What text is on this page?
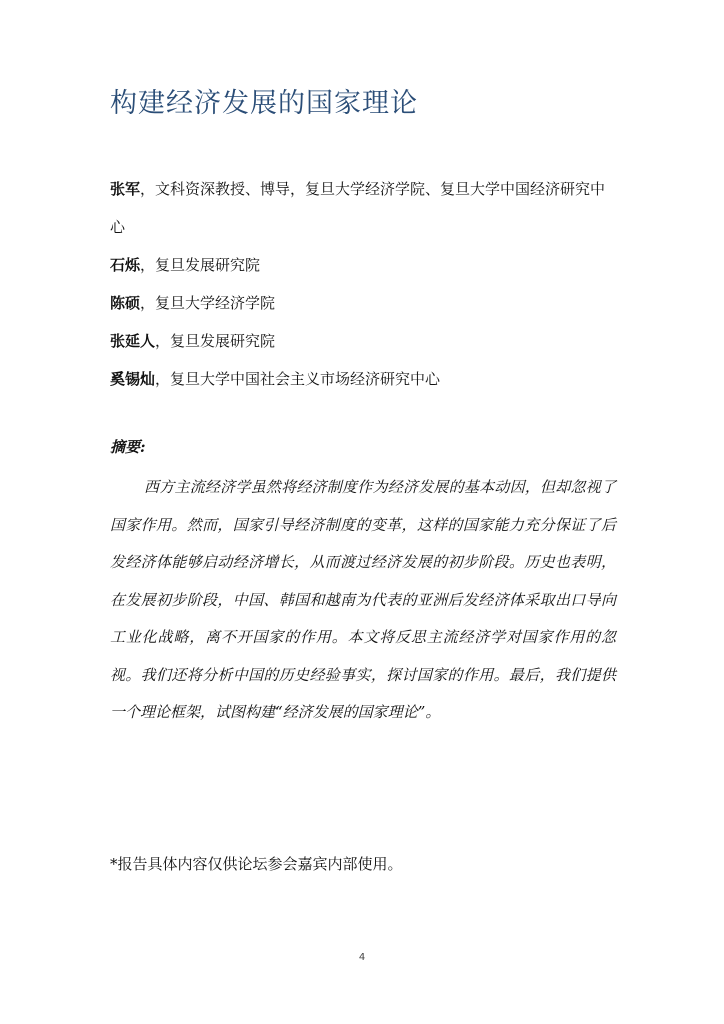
构建经济发展的国家理论

张军，文科资深教授、博导，复旦大学经济学院、复旦大学中国经济研究中心

石烁，复旦发展研究院

陈硕，复旦大学经济学院

张延人，复旦发展研究院

奚锡灿，复旦大学中国社会主义市场经济研究中心

摘要:

西方主流经济学虽然将经济制度作为经济发展的基本动因，但却忽视了国家作用。然而，国家引导经济制度的变革，这样的国家能力充分保证了后发经济体能够启动经济增长，从而渡过经济发展的初步阶段。历史也表明，在发展初步阶段，中国、韩国和越南为代表的亚洲后发经济体采取出口导向工业化战略，离不开国家的作用。本文将反思主流经济学对国家作用的忽视。我们还将分析中国的历史经验事实，探讨国家的作用。最后，我们提供一个理论框架，试图构建“经济发展的国家理论”。

*报告具体内容仅供论坛参会嘉宾内部使用。
4
